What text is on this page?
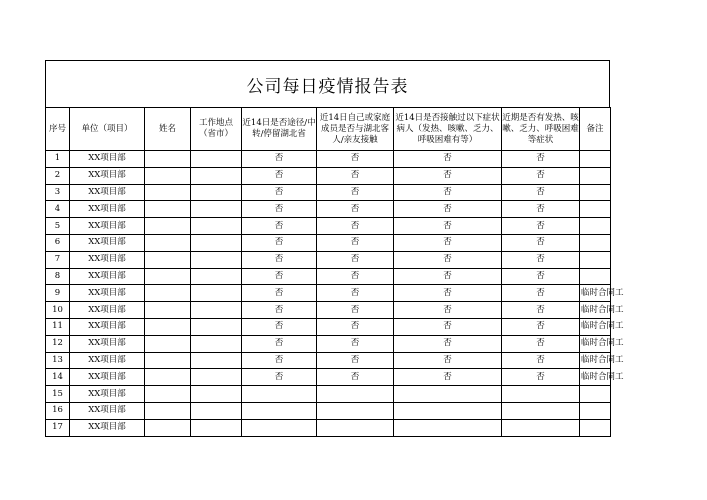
公司每日疫情报告表
序号	单位（项目）	姓名	工作地点（省市）	近14日是否途径/中转/停留湖北省	近14日自己或家庭成员是否与湖北客人/亲友接触	近14日是否接触过以下症状病人（发热、咳嗽、乏力、呼吸困难有等）	近期是否有发热、咳嗽、乏力、呼吸困难等症状	备注
1	XX项目部			否	否	否	否	
2	XX项目部			否	否	否	否	
3	XX项目部			否	否	否	否	
4	XX项目部			否	否	否	否	
5	XX项目部			否	否	否	否	
6	XX项目部			否	否	否	否	
7	XX项目部			否	否	否	否	
8	XX项目部			否	否	否	否	
9	XX项目部			否	否	否	否	临时合同工
10	XX项目部			否	否	否	否	临时合同工
11	XX项目部			否	否	否	否	临时合同工
12	XX项目部			否	否	否	否	临时合同工
13	XX项目部			否	否	否	否	临时合同工
14	XX项目部			否	否	否	否	临时合同工
15	XX项目部							
16	XX项目部							
17	XX项目部							
